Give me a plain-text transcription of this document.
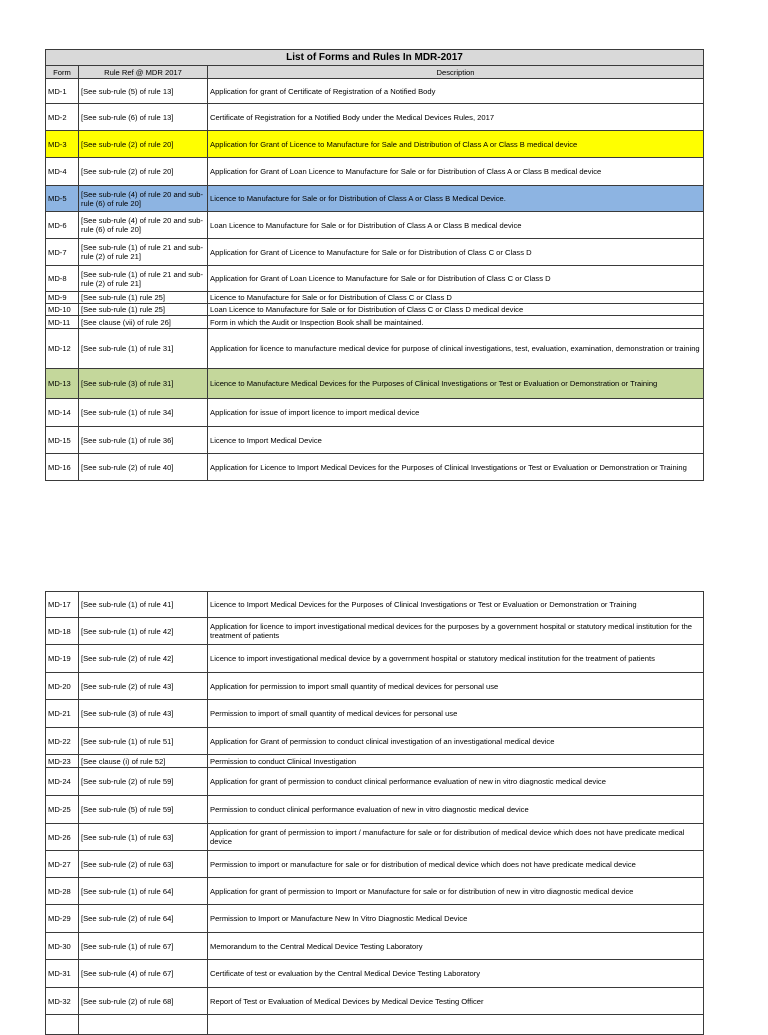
List of Forms and Rules In MDR-2017		
Form	Rule Ref @ MDR 2017	Description
MD-1	[See sub-rule (5) of rule 13]	Application for grant of Certificate of Registration of a Notified Body
MD-2	[See sub-rule (6) of rule 13]	Certificate of Registration for a Notified Body under the Medical Devices Rules, 2017
MD-3	[See sub-rule (2) of rule 20]	Application for Grant of Licence to Manufacture for Sale and Distribution of Class A or Class B medical device
MD-4	[See sub-rule (2) of rule 20]	Application for Grant of Loan Licence to Manufacture for Sale or for Distribution of Class A or Class B medical device
MD-5	[See sub-rule (4) of rule 20 and sub-rule (6) of rule 20]	Licence to Manufacture for Sale or for Distribution of Class A or Class B Medical Device.
MD-6	[See sub-rule (4) of rule 20 and sub-rule (6) of rule 20]	Loan Licence to Manufacture for Sale or for Distribution of Class A or Class B medical device
MD-7	[See sub-rule (1) of rule 21 and sub-rule (2) of rule 21]	Application for Grant of Licence to Manufacture for Sale or for Distribution of Class C or Class D
MD-8	[See sub-rule (1) of rule 21 and sub-rule (2) of rule 21]	Application for Grant of Loan Licence to Manufacture for Sale or for Distribution of Class C or Class D
MD-9	[See sub-rule (1) rule 25]	Licence to Manufacture for Sale or for Distribution of Class C or Class D
MD-10	[See sub-rule (1) rule 25]	Loan Licence to Manufacture for Sale or for Distribution of Class C or Class D medical device
MD-11	[See clause (vii) of rule 26]	Form in which the Audit or Inspection Book shall be maintained.
MD-12	[See sub-rule (1) of rule 31]	Application for licence to manufacture medical device for purpose of clinical investigations, test, evaluation, examination, demonstration or training
MD-13	[See sub-rule (3) of rule 31]	Licence to Manufacture Medical Devices for the Purposes of Clinical Investigations or Test or Evaluation or Demonstration or Training
MD-14	[See sub-rule (1) of rule 34]	Application for issue of import licence to import medical device
MD-15	[See sub-rule (1) of rule 36]	Licence to Import Medical Device
MD-16	[See sub-rule (2) of rule 40]	Application for Licence to Import Medical Devices for the Purposes of Clinical Investigations or Test or Evaluation or Demonstration or Training
MD-17	[See sub-rule (1) of rule 41]	Licence to Import Medical Devices for the Purposes of Clinical Investigations or Test or Evaluation or Demonstration or Training
MD-18	[See sub-rule (1) of rule 42]	Application for licence to import investigational medical devices for the purposes by a government hospital or statutory medical institution for the treatment of patients
MD-19	[See sub-rule (2) of rule 42]	Licence to import investigational medical device by a government hospital or statutory medical institution for the treatment of patients
MD-20	[See sub-rule (2) of rule 43]	Application for permission to import small quantity of medical devices for personal use
MD-21	[See sub-rule (3) of rule 43]	Permission to import of small quantity of medical devices for personal use
MD-22	[See sub-rule (1) of rule 51]	Application for Grant of permission to conduct clinical investigation of an investigational medical device
MD-23	[See clause (i) of rule 52]	Permission to conduct Clinical Investigation
MD-24	[See sub-rule (2) of rule 59]	Application for grant of permission to conduct clinical performance evaluation of new in vitro diagnostic medical device
MD-25	[See sub-rule (5) of rule 59]	Permission to conduct clinical performance evaluation of new in vitro diagnostic medical device
MD-26	[See sub-rule (1) of rule 63]	Application for grant of permission to import / manufacture for sale or for distribution of medical device which does not have predicate medical device
MD-27	[See sub-rule (2) of rule 63]	Permission to import or manufacture for sale or for distribution of medical device which does not have predicate medical device
MD-28	[See sub-rule (1) of rule 64]	Application for grant of permission to Import or Manufacture for sale or for distribution of new in vitro diagnostic medical device
MD-29	[See sub-rule (2) of rule 64]	Permission to Import or Manufacture New In Vitro Diagnostic Medical Device
MD-30	[See sub-rule (1) of rule 67]	Memorandum to the Central Medical Device Testing Laboratory
MD-31	[See sub-rule (4) of rule 67]	Certificate of test or evaluation by the Central Medical Device Testing Laboratory
MD-32	[See sub-rule (2) of rule 68]	Report of Test or Evaluation of Medical Devices by Medical Device Testing Officer
